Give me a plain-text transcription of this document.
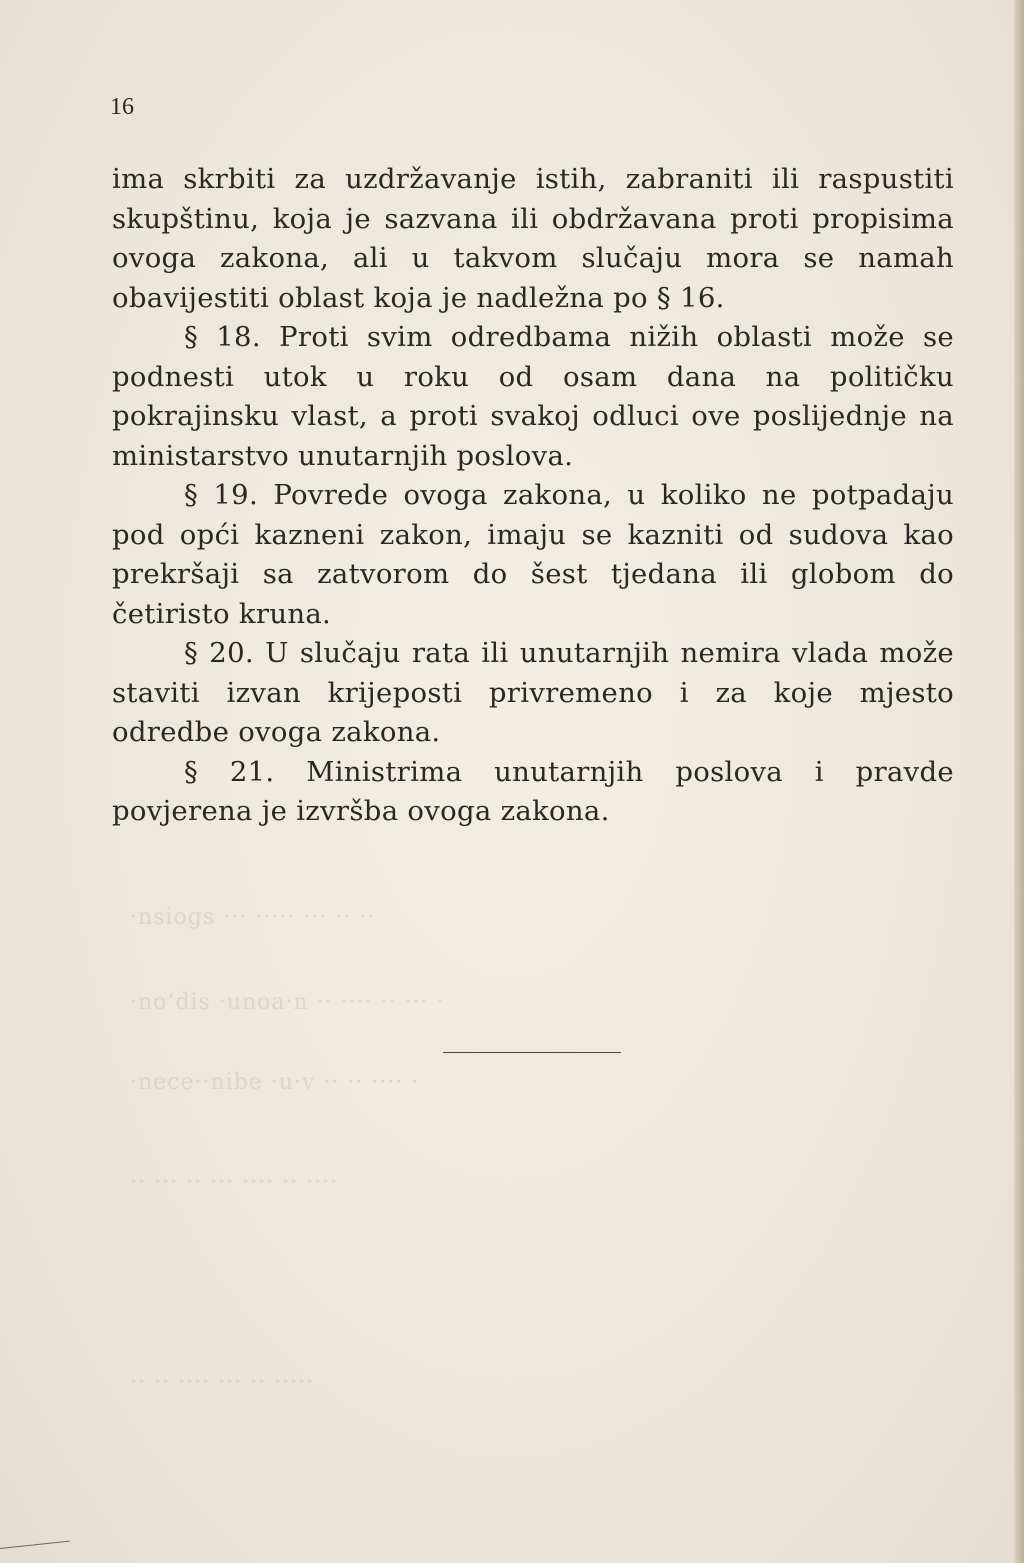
·nsiogs ··· ····· ··· ·· ··
·noʻdis ·unoa·n ·· ···· ·· ··· ·
·nece··nibe ·u·v ·· ·· ···· ·
·· ··· ·· ··· ···· ·· ····
·· ·· ···· ··· ·· ·····
16

ima skrbiti za uzdržavanje istih, zabraniti ili raspustiti skupštinu, koja je sazvana ili obdržavana proti propisima ovoga zakona, ali u takvom slučaju mora se namah obavijestiti oblast koja je nadležna po § 16.

§ 18. Proti svim odredbama nižih oblasti može se podnesti utok u roku od osam dana na političku pokrajinsku vlast, a proti svakoj odluci ove poslijednje na ministarstvo unutarnjih poslova.

§ 19. Povrede ovoga zakona, u koliko ne potpadaju pod opći kazneni zakon, imaju se kazniti od sudova kao prekršaji sa zatvorom do šest tjedana ili globom do četiristo kruna.

§ 20. U slučaju rata ili unutarnjih nemira vlada može staviti izvan krijeposti privremeno i za koje mjesto odredbe ovoga zakona.

§ 21. Ministrima unutarnjih poslova i pravde povjerena je izvršba ovoga zakona.
